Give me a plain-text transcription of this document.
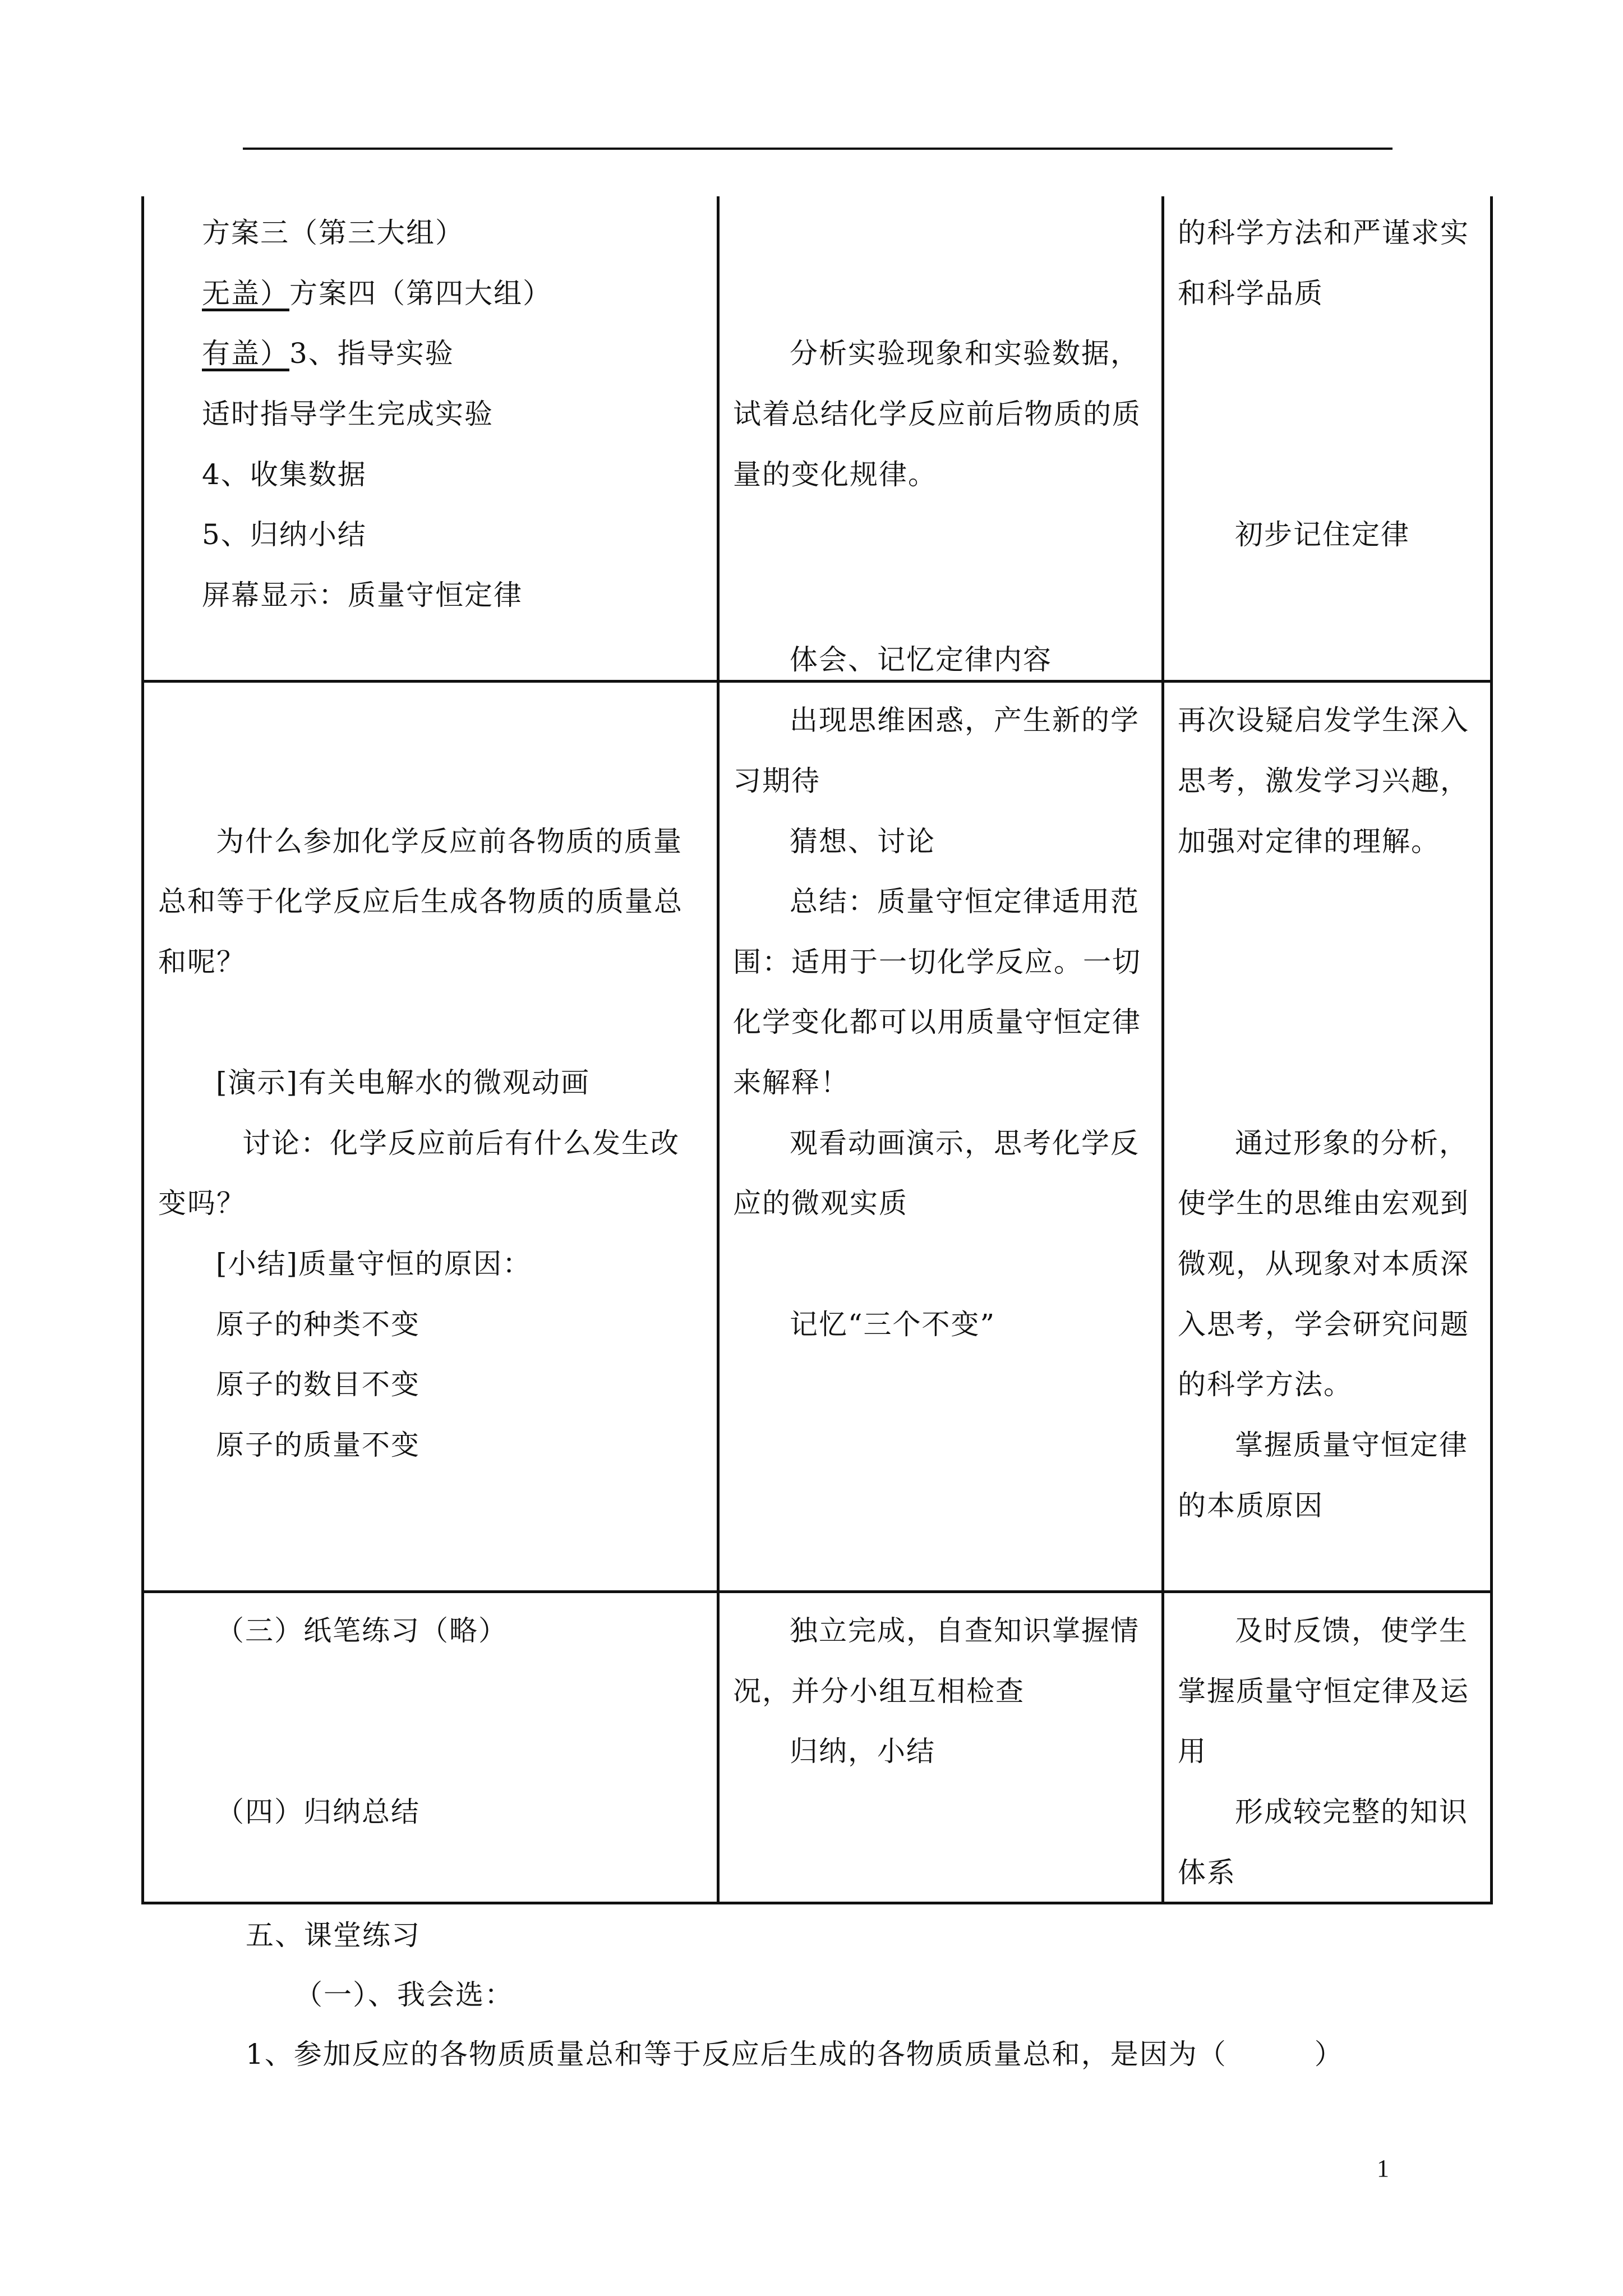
方案三（第三大组）
无盖）方案四（第四大组）
有盖）3、指导实验
适时指导学生完成实验
4、收集数据
5、归纳小结
屏幕显示：质量守恒定律
分析实验现象和实验数据，
试着总结化学反应前后物质的质
量的变化规律。
体会、记忆定律内容
的科学方法和严谨求实
和科学品质
初步记住定律
为什么参加化学反应前各物质的质量
总和等于化学反应后生成各物质的质量总
和呢？
[演示]有关电解水的微观动画
讨论：化学反应前后有什么发生改
变吗？
[小结]质量守恒的原因：
原子的种类不变
原子的数目不变
原子的质量不变
出现思维困惑，产生新的学
习期待
猜想、讨论
总结：质量守恒定律适用范
围：适用于一切化学反应。一切
化学变化都可以用质量守恒定律
来解释！
观看动画演示，思考化学反
应的微观实质
记忆“三个不变”
再次设疑启发学生深入
思考，激发学习兴趣，
加强对定律的理解。
通过形象的分析，
使学生的思维由宏观到
微观，从现象对本质深
入思考，学会研究问题
的科学方法。
掌握质量守恒定律
的本质原因
（三）纸笔练习（略）
（四）归纳总结
独立完成，自查知识掌握情
况，并分小组互相检查
归纳，小结
及时反馈，使学生
掌握质量守恒定律及运
用
形成较完整的知识
体系
五、课堂练习
（一）、我会选：
1、参加反应的各物质质量总和等于反应后生成的各物质质量总和，是因为（　　　）
1
